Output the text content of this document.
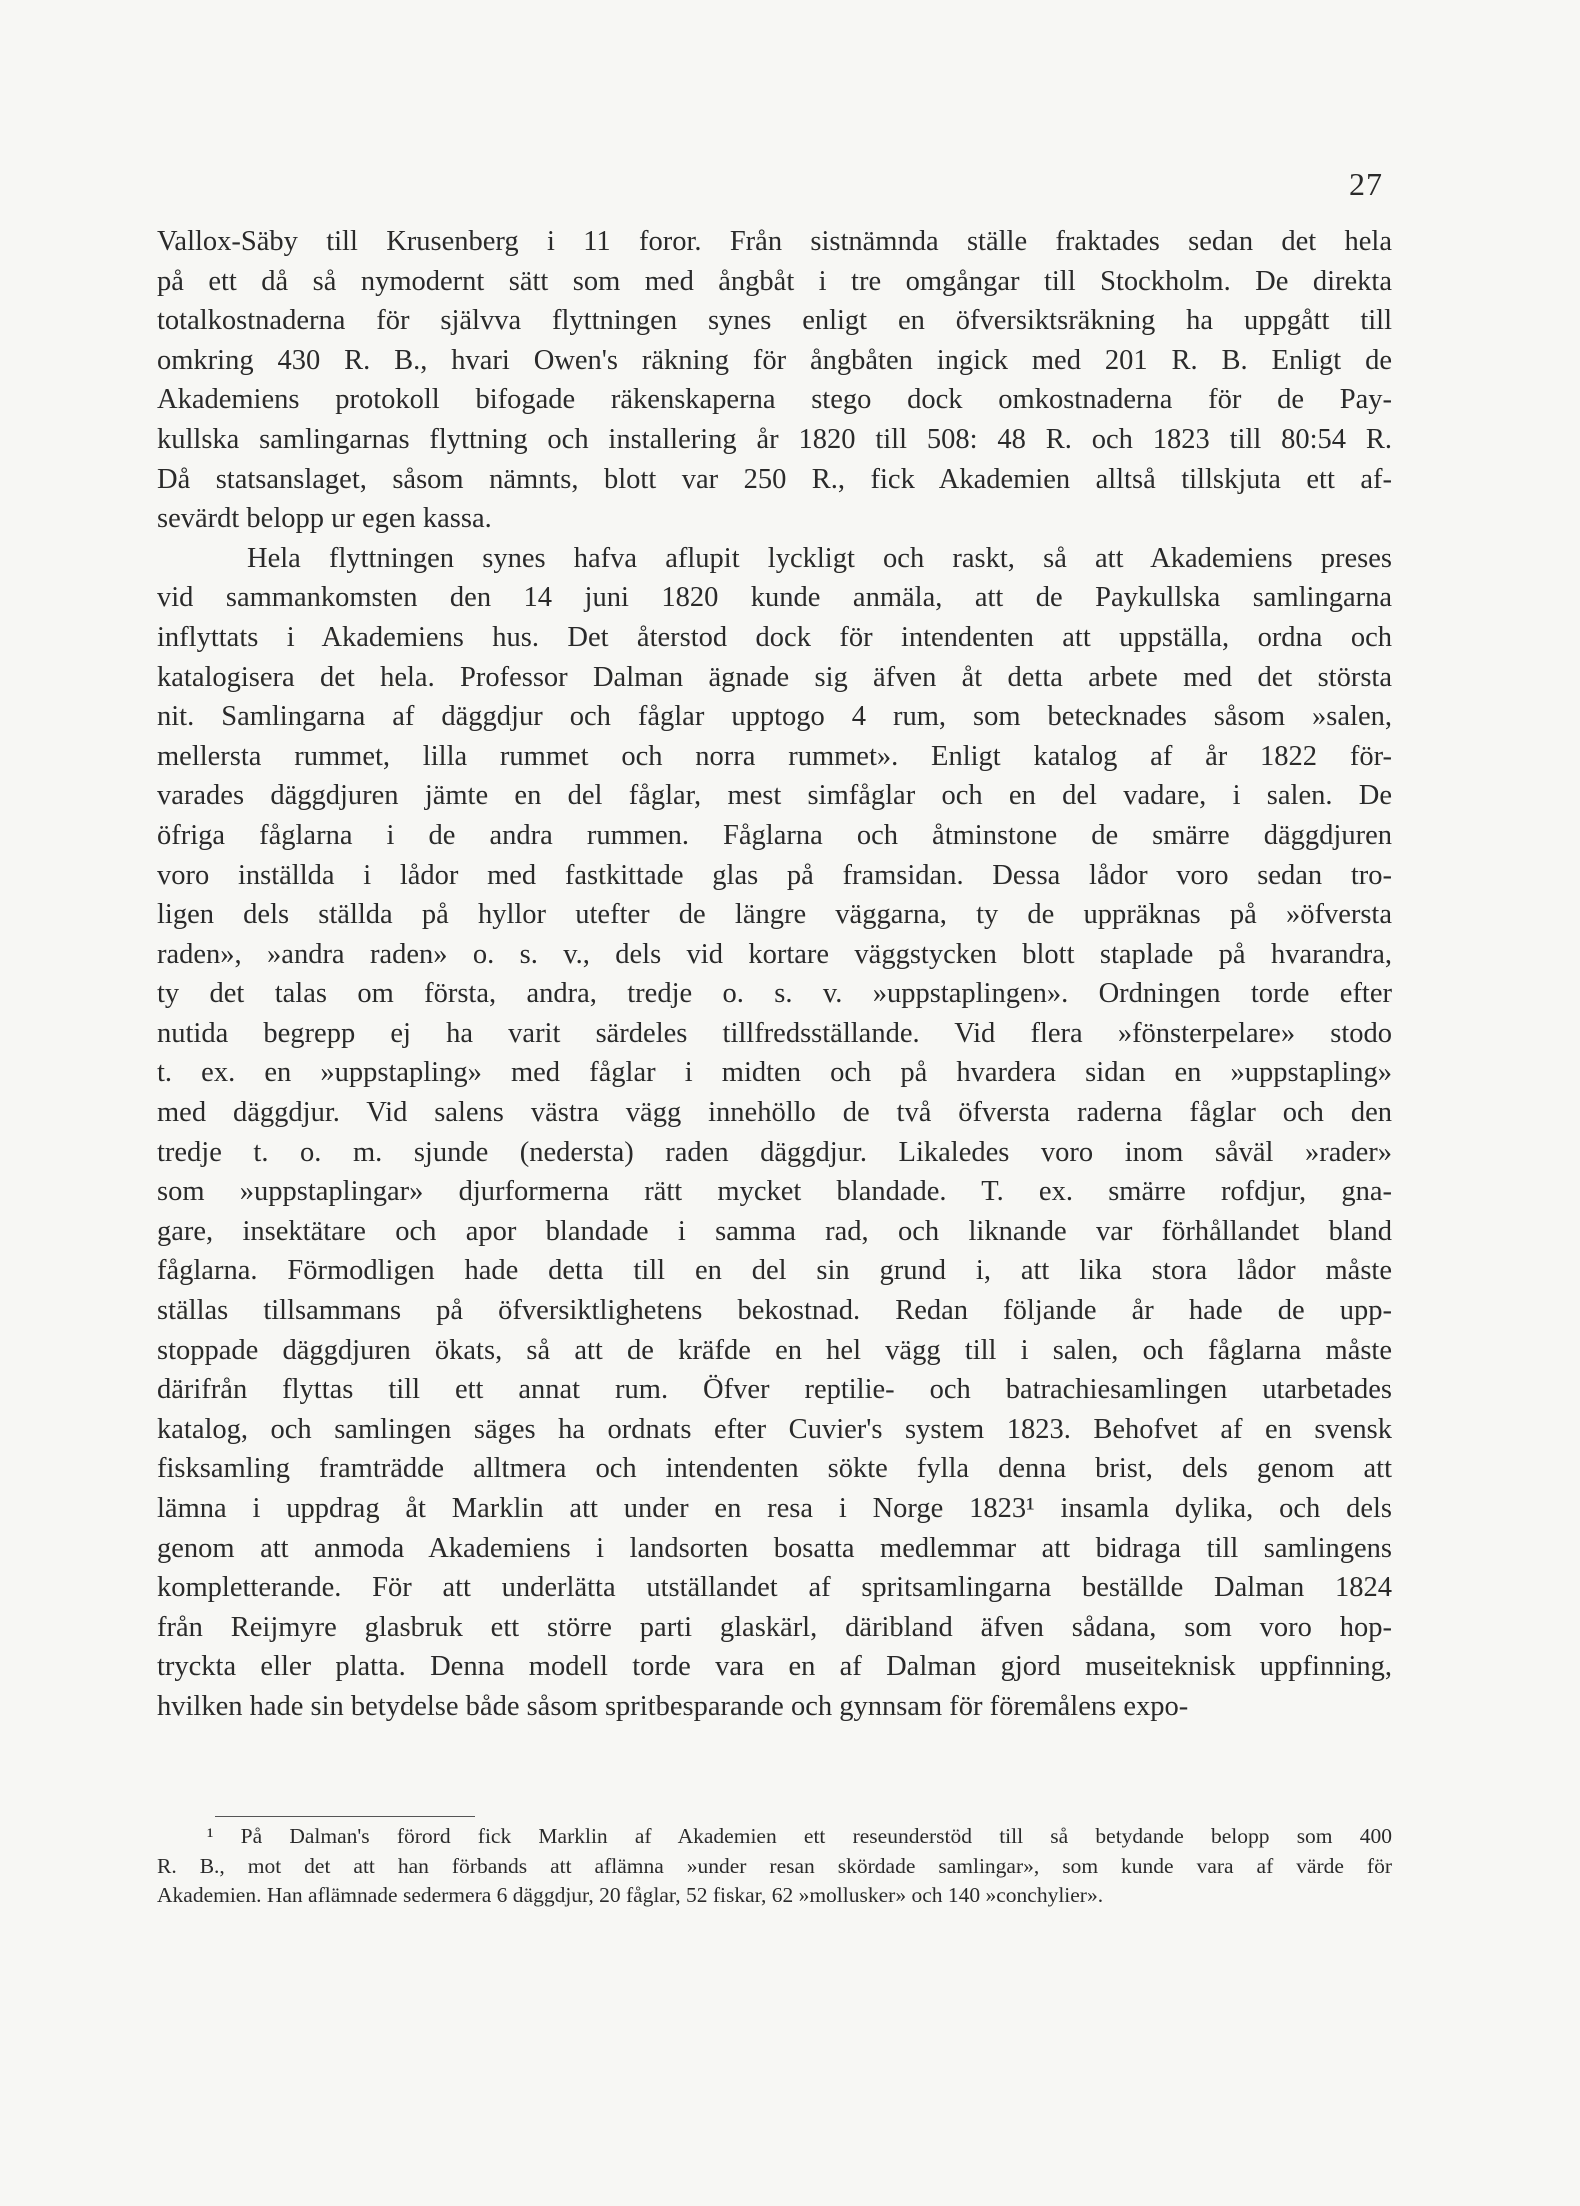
27
Vallox-Säby till Krusenberg i 11 foror. Från sistnämnda ställe fraktades sedan det hela
på ett då så nymodernt sätt som med ångbåt i tre omgångar till Stockholm. De direkta
totalkostnaderna för självva flyttningen synes enligt en öfversiktsräkning ha uppgått till
omkring 430 R. B., hvari Owen's räkning för ångbåten ingick med 201 R. B. Enligt de
Akademiens protokoll bifogade räkenskaperna stego dock omkostnaderna för de Pay-
kullska samlingarnas flyttning och installering år 1820 till 508: 48 R. och 1823 till 80:54 R.
Då statsanslaget, såsom nämnts, blott var 250 R., fick Akademien alltså tillskjuta ett af-
sevärdt belopp ur egen kassa.
Hela flyttningen synes hafva aflupit lyckligt och raskt, så att Akademiens preses
vid sammankomsten den 14 juni 1820 kunde anmäla, att de Paykullska samlingarna
inflyttats i Akademiens hus. Det återstod dock för intendenten att uppställa, ordna och
katalogisera det hela. Professor Dalman ägnade sig äfven åt detta arbete med det största
nit. Samlingarna af däggdjur och fåglar upptogo 4 rum, som betecknades såsom »salen,
mellersta rummet, lilla rummet och norra rummet». Enligt katalog af år 1822 för-
varades däggdjuren jämte en del fåglar, mest simfåglar och en del vadare, i salen. De
öfriga fåglarna i de andra rummen. Fåglarna och åtminstone de smärre däggdjuren
voro inställda i lådor med fastkittade glas på framsidan. Dessa lådor voro sedan tro-
ligen dels ställda på hyllor utefter de längre väggarna, ty de uppräknas på »öfversta
raden», »andra raden» o. s. v., dels vid kortare väggstycken blott staplade på hvarandra,
ty det talas om första, andra, tredje o. s. v. »uppstaplingen». Ordningen torde efter
nutida begrepp ej ha varit särdeles tillfredsställande. Vid flera »fönsterpelare» stodo
t. ex. en »uppstapling» med fåglar i midten och på hvardera sidan en »uppstapling»
med däggdjur. Vid salens västra vägg innehöllo de två öfversta raderna fåglar och den
tredje t. o. m. sjunde (nedersta) raden däggdjur. Likaledes voro inom såväl »rader»
som »uppstaplingar» djurformerna rätt mycket blandade. T. ex. smärre rofdjur, gna-
gare, insektätare och apor blandade i samma rad, och liknande var förhållandet bland
fåglarna. Förmodligen hade detta till en del sin grund i, att lika stora lådor måste
ställas tillsammans på öfversiktlighetens bekostnad. Redan följande år hade de upp-
stoppade däggdjuren ökats, så att de kräfde en hel vägg till i salen, och fåglarna måste
därifrån flyttas till ett annat rum. Öfver reptilie- och batrachiesamlingen utarbetades
katalog, och samlingen säges ha ordnats efter Cuvier's system 1823. Behofvet af en svensk
fisksamling framträdde alltmera och intendenten sökte fylla denna brist, dels genom att
lämna i uppdrag åt Marklin att under en resa i Norge 1823¹ insamla dylika, och dels
genom att anmoda Akademiens i landsorten bosatta medlemmar att bidraga till samlingens
kompletterande. För att underlätta utställandet af spritsamlingarna beställde Dalman 1824
från Reijmyre glasbruk ett större parti glaskärl, däribland äfven sådana, som voro hop-
tryckta eller platta. Denna modell torde vara en af Dalman gjord museiteknisk uppfinning,
hvilken hade sin betydelse både såsom spritbesparande och gynnsam för föremålens expo-
¹ På Dalman's förord fick Marklin af Akademien ett reseunderstöd till så betydande belopp som 400
R. B., mot det att han förbands att aflämna »under resan skördade samlingar», som kunde vara af värde för
Akademien. Han aflämnade sedermera 6 däggdjur, 20 fåglar, 52 fiskar, 62 »mollusker» och 140 »conchylier».
